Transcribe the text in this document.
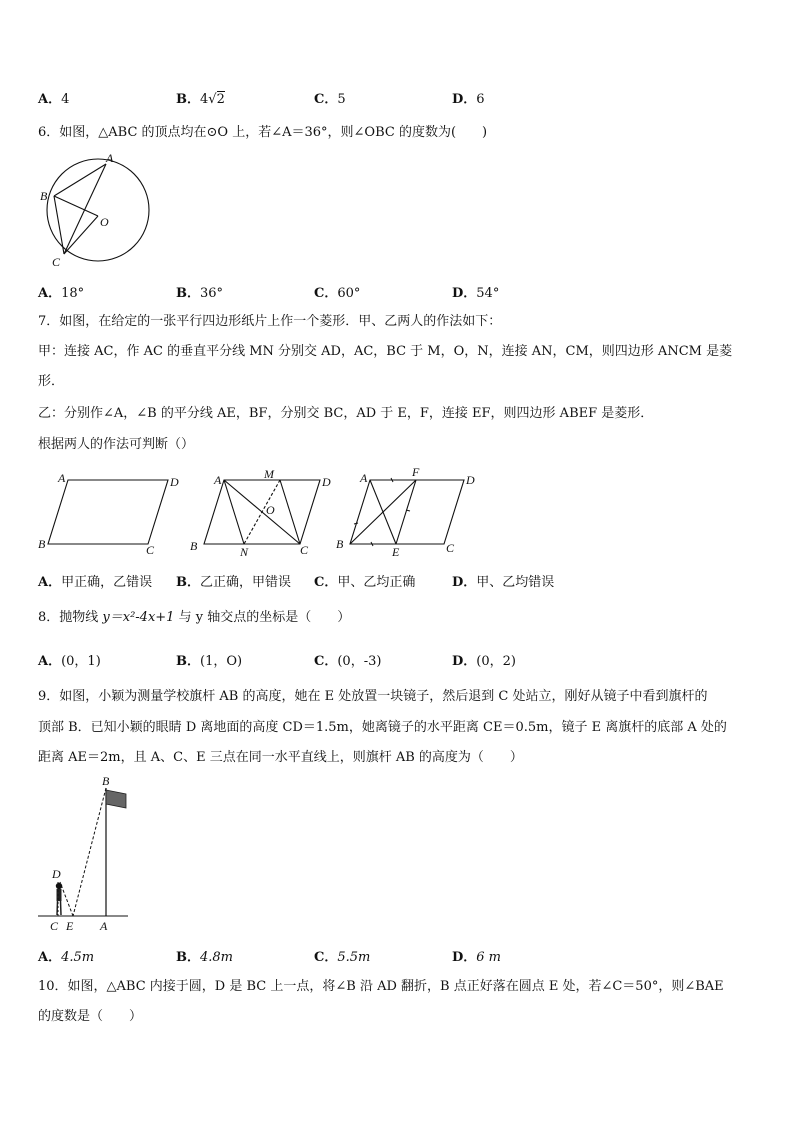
A．4	B．4√2	C．5	D．6
6．如图，△ABC 的顶点均在⊙O 上，若∠A＝36°，则∠OBC 的度数为(　　)
A
B
C
O
A．18°	B．36°	C．60°	D．54°
7．如图，在给定的一张平行四边形纸片上作一个菱形．甲、乙两人的作法如下：
甲：连接 AC，作 AC 的垂直平分线 MN 分别交 AD，AC，BC 于 M，O，N，连接 AN，CM，则四边形 ANCM 是菱
形．
乙：分别作∠A，∠B 的平分线 AE，BF，分别交 BC，AD 于 E，F，连接 EF，则四边形 ABEF 是菱形．
根据两人的作法可判断（）
A	D
B	C
A	M
D
O
B	N	C
A	F
D
B
E	C
A．甲正确，乙错误 B．乙正确，甲错误 C．甲、乙均正确	D．甲、乙均错误
8．抛物线 y＝x²-4x+1 与 y 轴交点的坐标是（　　）
A．(0，1)	B．(1，O)	C．(0，-3)	D．(0，2)
9．如图，小颖为测量学校旗杆 AB 的高度，她在 E 处放置一块镜子，然后退到 C 处站立，刚好从镜子中看到旗杆的
顶部 B．已知小颖的眼睛 D 离地面的高度 CD＝1.5m，她离镜子的水平距离 CE＝0.5m，镜子 E 离旗杆的底部 A 处的
距离 AE＝2m，且 A、C、E 三点在同一水平直线上，则旗杆 AB 的高度为（　　）
B
D
C E A
A．4.5m	B．4.8m	C．5.5m	D．6 m
10．如图，△ABC 内接于圆，D 是 BC 上一点，将∠B 沿 AD 翻折，B 点正好落在圆点 E 处，若∠C＝50°，则∠BAE
的度数是（　　）
